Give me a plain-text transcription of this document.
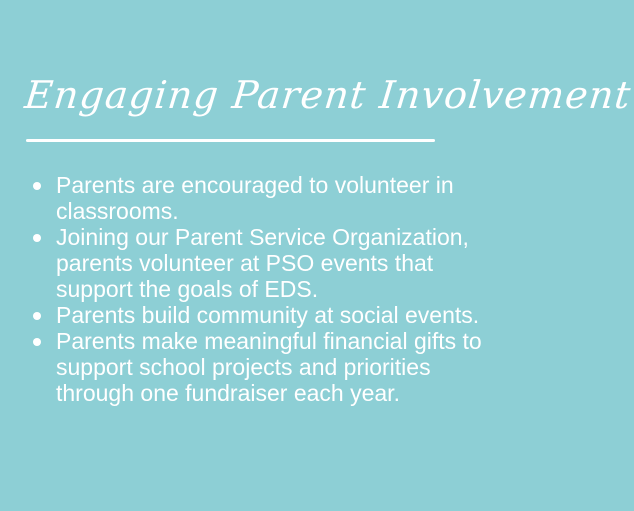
Engaging Parent Involvement
Parents are encouraged to volunteer in classrooms.
Joining our Parent Service Organization, parents volunteer at PSO events that support the goals of EDS.
Parents build community at social events.
Parents make meaningful financial gifts to support school projects and priorities through one fundraiser each year.
